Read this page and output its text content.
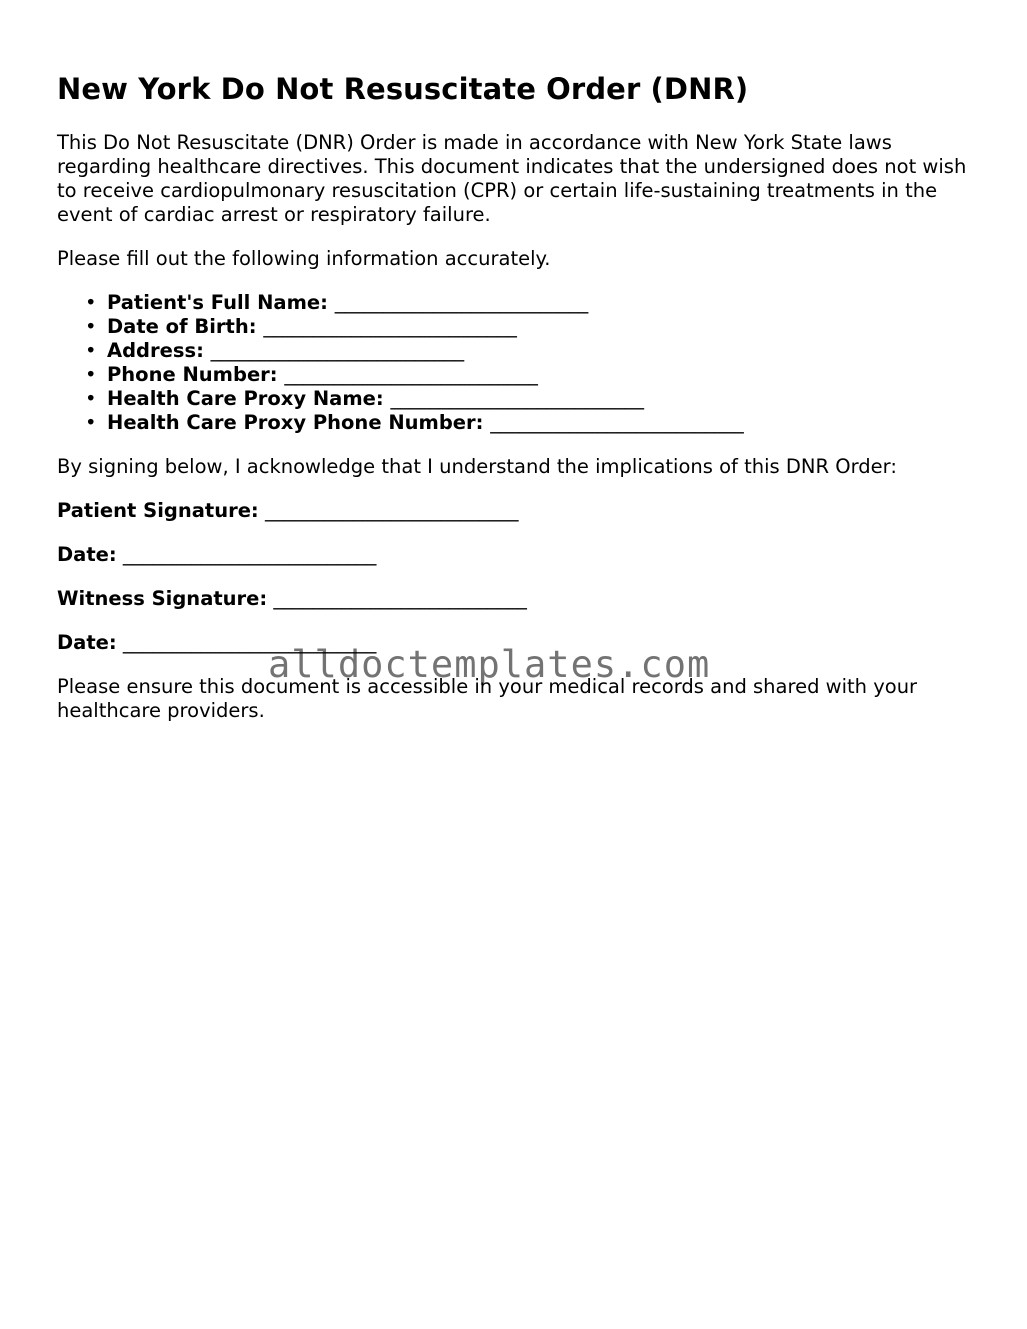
New York Do Not Resuscitate Order (DNR)

This Do Not Resuscitate (DNR) Order is made in accordance with New York State laws regarding healthcare directives. This document indicates that the undersigned does not wish to receive cardiopulmonary resuscitation (CPR) or certain life-sustaining treatments in the event of cardiac arrest or respiratory failure.

Please fill out the following information accurately.

• Patient's Full Name: __________________________
• Date of Birth: __________________________
• Address: __________________________
• Phone Number: __________________________
• Health Care Proxy Name: __________________________
• Health Care Proxy Phone Number: __________________________

By signing below, I acknowledge that I understand the implications of this DNR Order:

Patient Signature: __________________________
Date: __________________________
Witness Signature: __________________________
Date: __________________________

Please ensure this document is accessible in your medical records and shared with your healthcare providers.

alldoctemplates.com
